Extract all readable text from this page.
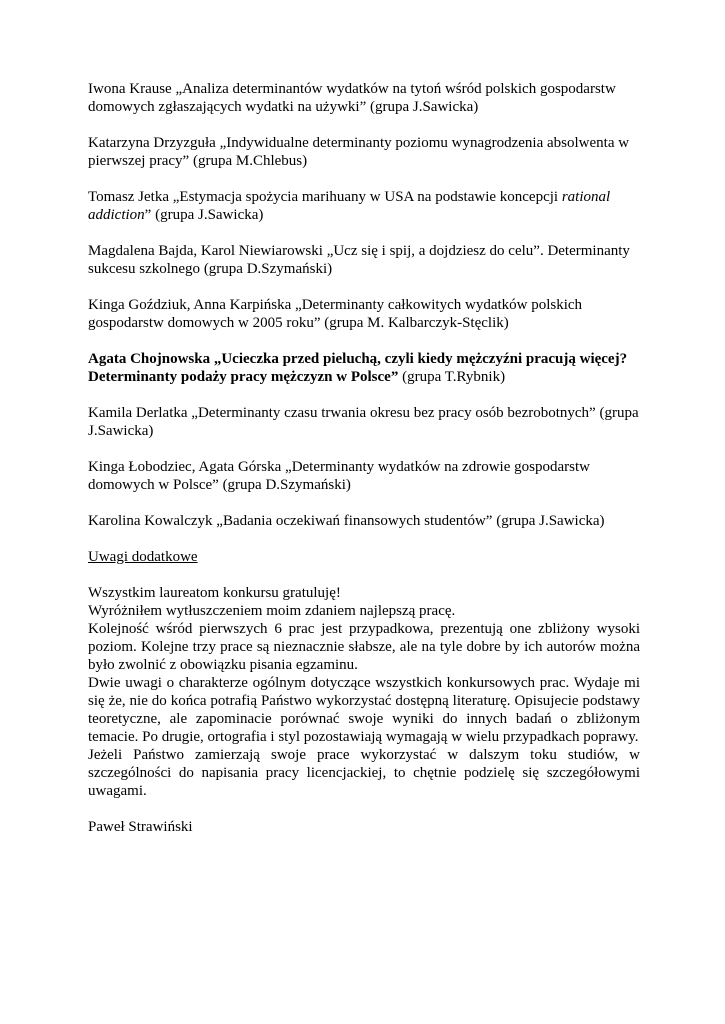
Iwona Krause „Analiza determinantów wydatków na tytoń wśród polskich gospodarstw domowych zgłaszających wydatki na używki” (grupa J.Sawicka)

Katarzyna Drzyzguła „Indywidualne determinanty poziomu wynagrodzenia absolwenta w pierwszej pracy” (grupa M.Chlebus)

Tomasz Jetka „Estymacja spożycia marihuany w USA na podstawie koncepcji rational addiction” (grupa J.Sawicka)

Magdalena Bajda, Karol Niewiarowski „Ucz się i spij, a dojdziesz do celu”. Determinanty sukcesu szkolnego (grupa D.Szymański)

Kinga Goździuk, Anna Karpińska „Determinanty całkowitych wydatków polskich gospodarstw domowych w 2005 roku” (grupa M. Kalbarczyk-Stęclik)

Agata Chojnowska „Ucieczka przed pieluchą, czyli kiedy mężczyźni pracują więcej? Determinanty podaży pracy mężczyzn w Polsce” (grupa T.Rybnik)

Kamila Derlatka „Determinanty czasu trwania okresu bez pracy osób bezrobotnych” (grupa J.Sawicka)

Kinga Łobodziec, Agata Górska „Determinanty wydatków na zdrowie gospodarstw domowych w Polsce” (grupa D.Szymański)

Karolina Kowalczyk „Badania oczekiwań finansowych studentów” (grupa J.Sawicka)

Uwagi dodatkowe

Wszystkim laureatom konkursu gratuluję!

Wyróżniłem wytłuszczeniem moim zdaniem najlepszą pracę.

Kolejność wśród pierwszych 6 prac jest przypadkowa, prezentują one zbliżony wysoki poziom. Kolejne trzy prace są nieznacznie słabsze, ale na tyle dobre by ich autorów można było zwolnić z obowiązku pisania egzaminu.

Dwie uwagi o charakterze ogólnym dotyczące wszystkich konkursowych prac. Wydaje mi się że, nie do końca potrafią Państwo wykorzystać dostępną literaturę. Opisujecie podstawy teoretyczne, ale zapominacie porównać swoje wyniki do innych badań o zbliżonym temacie. Po drugie, ortografia i styl pozostawiają wymagają w wielu przypadkach poprawy.

Jeżeli Państwo zamierzają swoje prace wykorzystać w dalszym toku studiów, w szczególności do napisania pracy licencjackiej, to chętnie podzielę się szczegółowymi uwagami.

Paweł Strawiński
